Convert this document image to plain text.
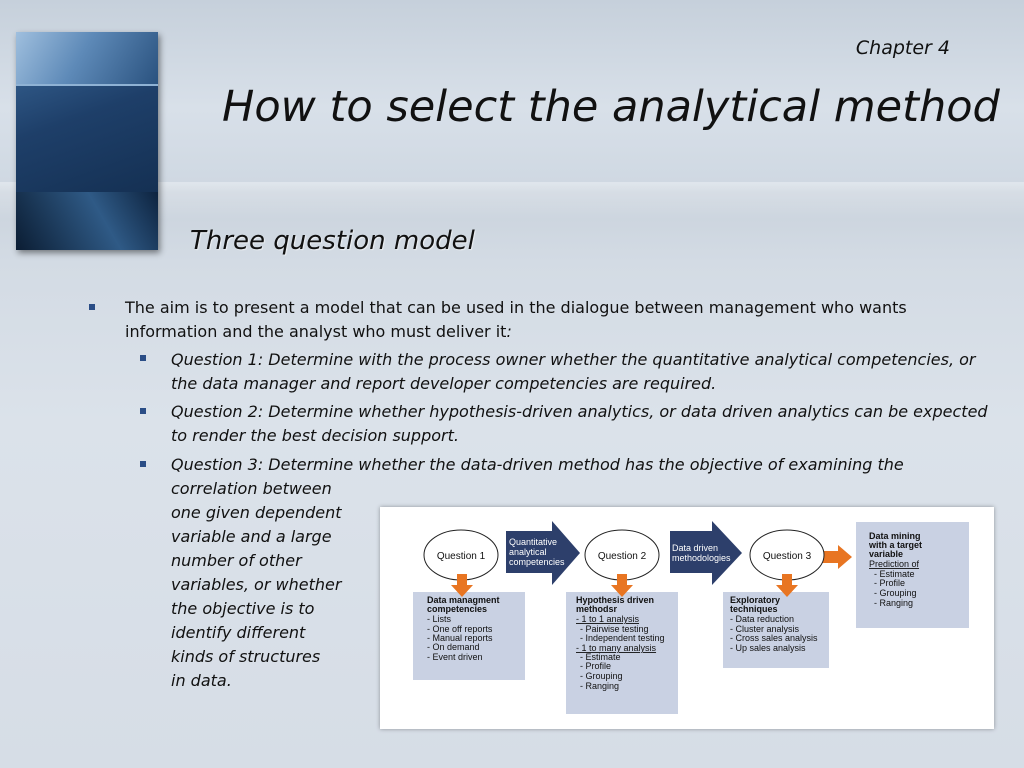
Chapter 4
How to select the analytical method
Three question model
The aim is to present a model that can be used in the dialogue between management who wants
information and the analyst who must deliver it:
Question 1: Determine with the process owner whether the quantitative analytical competencies, or
the data manager and report developer competencies are required.
Question 2: Determine whether hypothesis-driven analytics, or data driven analytics can be expected
to render the best decision support.
Question 3: Determine whether the data-driven method has the objective of examining the
correlation between
one given dependent
variable and a large
number of other
variables, or whether
the objective is to
identify different
kinds of structures
in data.
Question 1	Question 2	Question 3
Quantitative
analytical
competencies
Data driven
methodologies
Data managment
competencies
- Lists
- One off reports
- Manual reports
- On demand
- Event driven
Hypothesis driven
methodsr
- 1 to 1 analysis
- Pairwise testing
- Independent testing
- 1 to many analysis
- Estimate
- Profile
- Grouping
- Ranging
Exploratory
techniques
- Data reduction
- Cluster analysis
- Cross sales analysis
- Up sales analysis
Data mining
with a target
variable
Prediction of
- Estimate
- Profile
- Grouping
- Ranging
